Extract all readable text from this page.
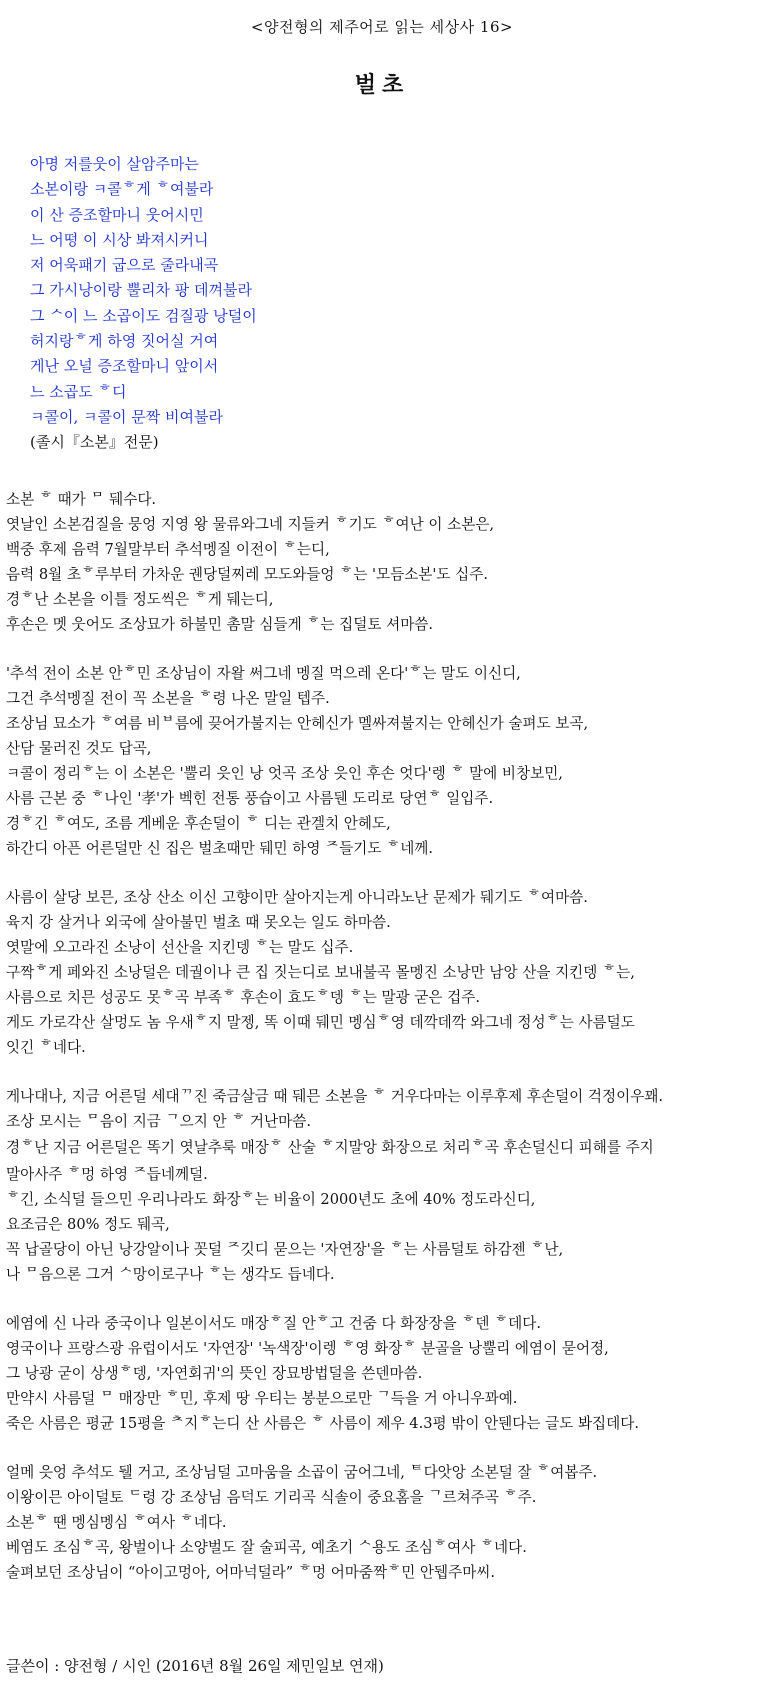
<양전형의 제주어로 읽는 세상사 16>
벌초
아명 저를웃이 살암주마는
소본이랑 ㅋ콜ᄒ게 ᄒ여불라
이 산 증조할마니 웃어시민
느 어떵 이 시상 봐져시커니
저 어욱패기 굽으로 줄라내곡
그 가시낭이랑 뿔리차 팡 데껴불라
그 ᄉ이 느 소곱이도 검질광 낭덜이
허지랑ᄒ게 하영 짓어실 거여
게난 오널 증조할마니 앞이서
느 소곱도 ᄒ디
ㅋ콜이, ㅋ콜이 문짝 비여불라
(졸시『소본』전문)
소본 ᄒ 때가 ᄆ 뒈수다.
엿날인 소본검질을 뭉엉 지영 왕 물류와그네 지들커 ᄒ기도 ᄒ여난 이 소본은,
백중 후제 음력 7월말부터 추석멩질 이전이 ᄒ는디,
음력 8월 초ᄒ루부터 가차운 궨당덜찌레 모도와들엉 ᄒ는 '모듬소본'도 십주.
경ᄒ난 소본을 이틀 정도씩은 ᄒ게 뒈는디,
후손은 멧 웃어도 조상묘가 하불민 촘말 심들게 ᄒ는 집덜토 셔마씀.
'추석 전이 소본 안ᄒ민 조상님이 자왈 써그네 멩질 먹으레 온다'ᄒ는 말도 이신디,
그건 추석멩질 전이 꼭 소본을 ᄒ령 나온 말일 텝주.
조상님 묘소가 ᄒ여름 비ᄇ름에 끚어가불지는 안헤신가 멜싸져불지는 안헤신가 술펴도 보곡,
산담 물러진 것도 답곡,
ㅋ콜이 정리ᄒ는 이 소본은 '뿔리 읏인 낭 엇곡 조상 읏인 후손 엇다'렝 ᄒ 말에 비창보민,
사름 근본 중 ᄒ나인 '孝'가 벡힌 전통 풍습이고 사름뒌 도리로 당연ᄒ 일입주.
경ᄒ긴 ᄒ여도, 조름 게베운 후손덜이 ᄒ 디는 관겔치 안헤도,
하간디 아픈 어른덜만 신 집은 벌초때만 뒈민 하영 ᄌ들기도 ᄒ네께.
사름이 살당 보믄, 조상 산소 이신 고향이만 살아지는게 아니라노난 문제가 뒈기도 ᄒ여마씀.
육지 강 살거나 외국에 살아불민 벌초 때 못오는 일도 하마씀.
엿말에 오고라진 소낭이 선산을 지킨뎅 ᄒ는 말도 십주.
구짝ᄒ게 페와진 소낭덜은 데궐이나 큰 집 짓는디로 보내불곡 몰멩진 소낭만 남앙 산을 지킨뎅 ᄒ는,
사름으로 치믄 성공도 못ᄒ곡 부족ᄒ 후손이 효도ᄒ뎅 ᄒ는 말광 굳은 겁주.
게도 가로각산 살멍도 놈 우새ᄒ지 말젱, 똑 이때 뒈민 멩심ᄒ영 데깍데깍 와그네 정성ᄒ는 사름덜도
잇긴 ᄒ네다.
게나대나, 지금 어른덜 세대ᄁ진 죽금살금 때 뒈믄 소본을 ᄒ 거우다마는 이루후제 후손덜이 걱정이우꽤.
조상 모시는 ᄆ음이 지금 ᄀ으지 안 ᄒ 거난마씀.
경ᄒ난 지금 어른덜은 똑기 엿날추룩 매장ᄒ 산술 ᄒ지말앙 화장으로 처리ᄒ곡 후손덜신디 피해를 주지
말아사주 ᄒ멍 하영 ᄌ듭네께덜.
ᄒ긴, 소식덜 들으민 우리나라도 화장ᄒ는 비율이 2000년도 초에 40% 정도라신디,
요조금은 80% 정도 뒈곡,
꼭 납골당이 아닌 낭강알이나 꼿덜 ᄌ깃디 묻으는 '자연장'을 ᄒ는 사름덜토 하감젠 ᄒ난,
나 ᄆ음으론 그거 ᄉ망이로구나 ᄒ는 생각도 듭네다.
에염에 신 나라 중국이나 일본이서도 매장ᄒ질 안ᄒ고 건줌 다 화장장을 ᄒ덴 ᄒ데다.
영국이나 프랑스광 유럽이서도 '자연장' '녹색장'이렝 ᄒ영 화장ᄒ 분골을 낭뿔리 에염이 묻어졍,
그 낭광 굳이 상생ᄒ뎅, '자연회귀'의 뜻인 장묘방법덜을 쓴덴마씀.
만약시 사름덜 ᄆ 매장만 ᄒ민, 후제 땅 우티는 봉분으로만 ᄀ득을 거 아니우꽈예.
죽은 사름은 평균 15평을 ᄎ지ᄒ는디 산 사름은 ᄒ 사름이 제우 4.3평 밖이 안뒌다는 글도 봐집데다.
얼메 읏엉 추석도 뒐 거고, 조상님덜 고마움을 소곱이 굼어그네, ᄐ다앗앙 소본덜 잘 ᄒ여봅주.
이왕이믄 아이덜토 ᄃ령 강 조상님 음덕도 기리곡 식솔이 중요홈을 ᄀ르쳐주곡 ᄒ주.
소본ᄒ 땐 멩심멩심 ᄒ여사 ᄒ네다.
베염도 조심ᄒ곡, 왕벌이나 소양벌도 잘 술피곡, 예초기 ᄉ용도 조심ᄒ여사 ᄒ네다.
술펴보던 조상님이 “아이고멍아, 어마넉덜라” ᄒ멍 어마줌짝ᄒ민 안뒙주마씨.
글쓴이 : 양전형 / 시인 (2016년 8월 26일 제민일보 연재)
